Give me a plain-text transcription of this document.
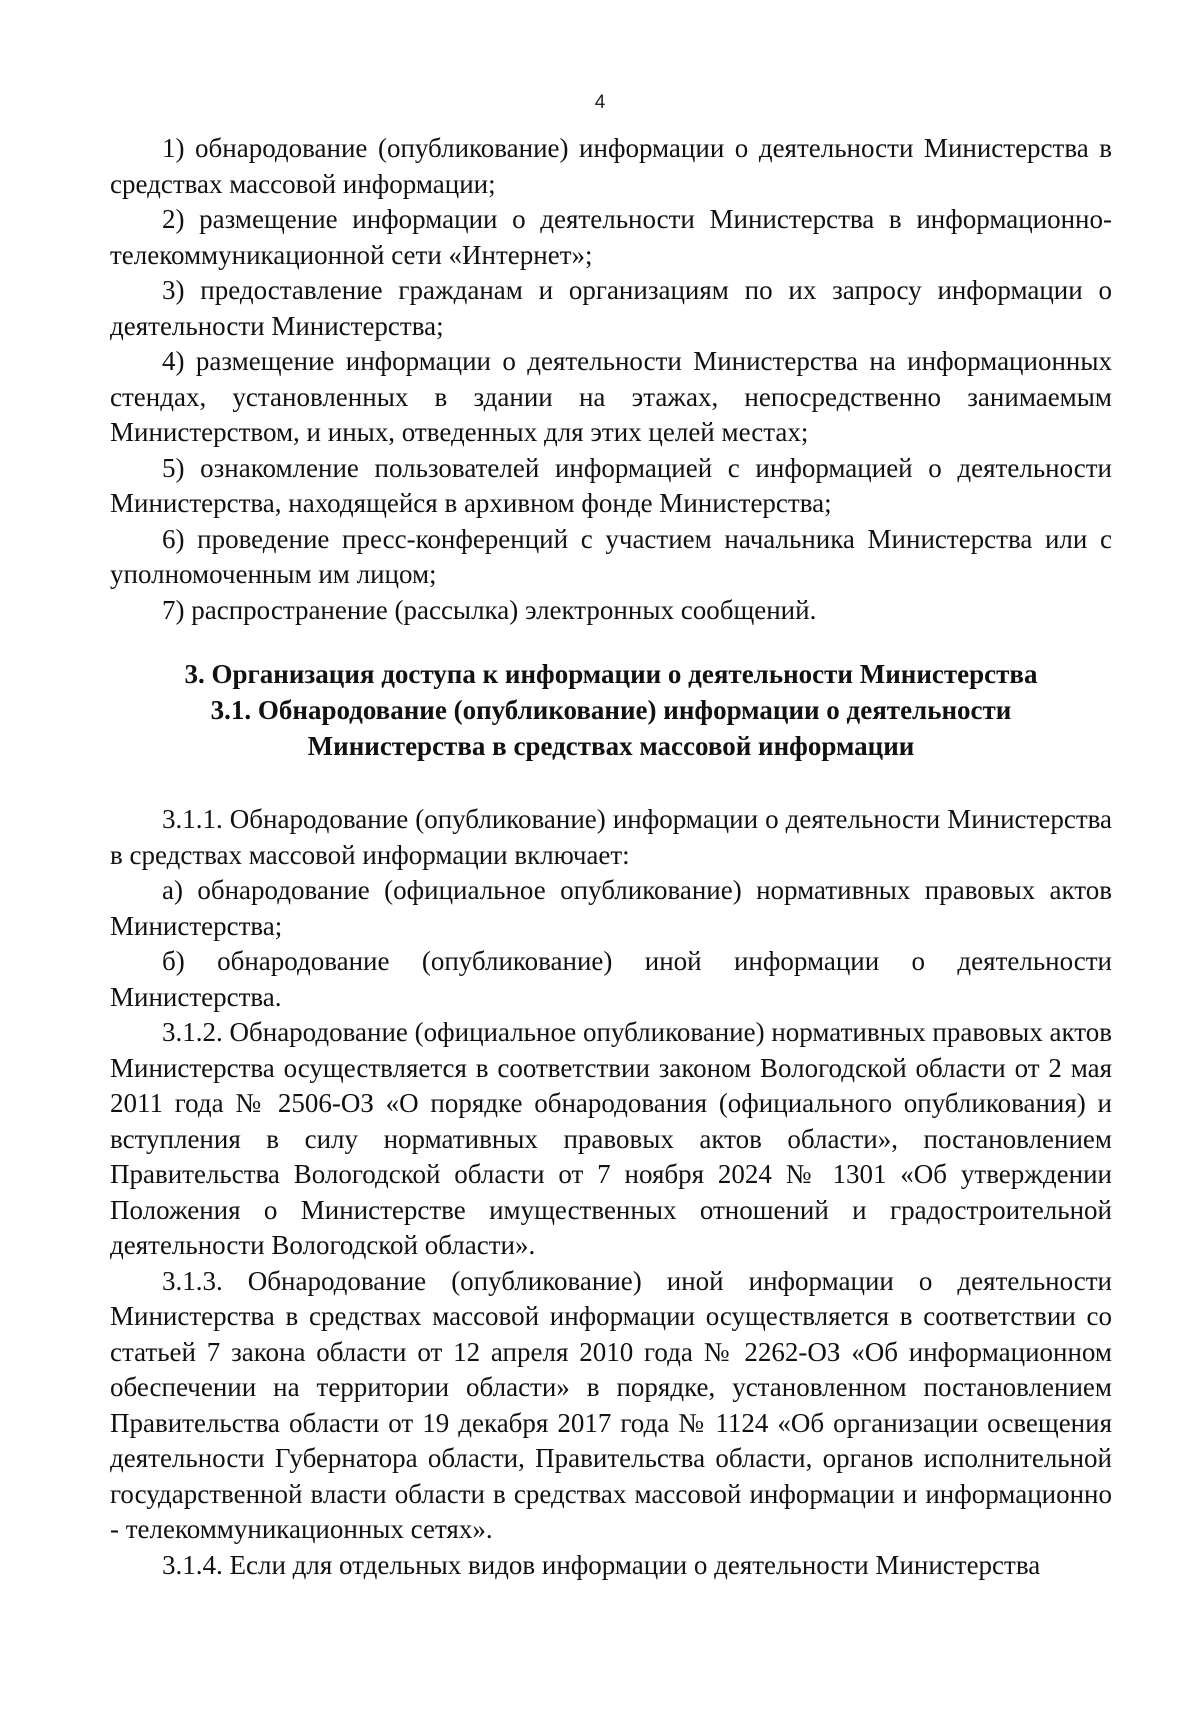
4

1) обнародование (опубликование) информации о деятельности Министерства в средствах массовой информации;

2) размещение информации о деятельности Министерства в информационно-телекоммуникационной сети «Интернет»;

3) предоставление гражданам и организациям по их запросу информации о деятельности Министерства;

4) размещение информации о деятельности Министерства на информационных стендах, установленных в здании на этажах, непосредственно занимаемым Министерством, и иных, отведенных для этих целей местах;

5) ознакомление пользователей информацией с информацией о деятельности Министерства, находящейся в архивном фонде Министерства;

6) проведение пресс-конференций с участием начальника Министерства или с уполномоченным им лицом;

7) распространение (рассылка) электронных сообщений.

3. Организация доступа к информации о деятельности Министерства
3.1. Обнародование (опубликование) информации о деятельности
Министерства в средствах массовой информации

3.1.1. Обнародование (опубликование) информации о деятельности Министерства в средствах массовой информации включает:

а) обнародование (официальное опубликование) нормативных правовых актов Министерства;

б) обнародование (опубликование) иной информации о деятельности Министерства.

3.1.2. Обнародование (официальное опубликование) нормативных правовых актов Министерства осуществляется в соответствии законом Вологодской области от 2 мая 2011 года № 2506-ОЗ «О порядке обнародования (официального опубликования) и вступления в силу нормативных правовых актов области», постановлением Правительства Вологодской области от 7 ноября 2024 № 1301 «Об утверждении Положения о Министерстве имущественных отношений и градостроительной деятельности Вологодской области».

3.1.3. Обнародование (опубликование) иной информации о деятельности Министерства в средствах массовой информации осуществляется в соответствии со статьей 7 закона области от 12 апреля 2010 года № 2262-ОЗ «Об информационном обеспечении на территории области» в порядке, установленном постановлением Правительства области от 19 декабря 2017 года № 1124 «Об организации освещения деятельности Губернатора области, Правительства области, органов исполнительной государственной власти области в средствах массовой информации и информационно - телекоммуникационных сетях».

3.1.4. Если для отдельных видов информации о деятельности Министерства
